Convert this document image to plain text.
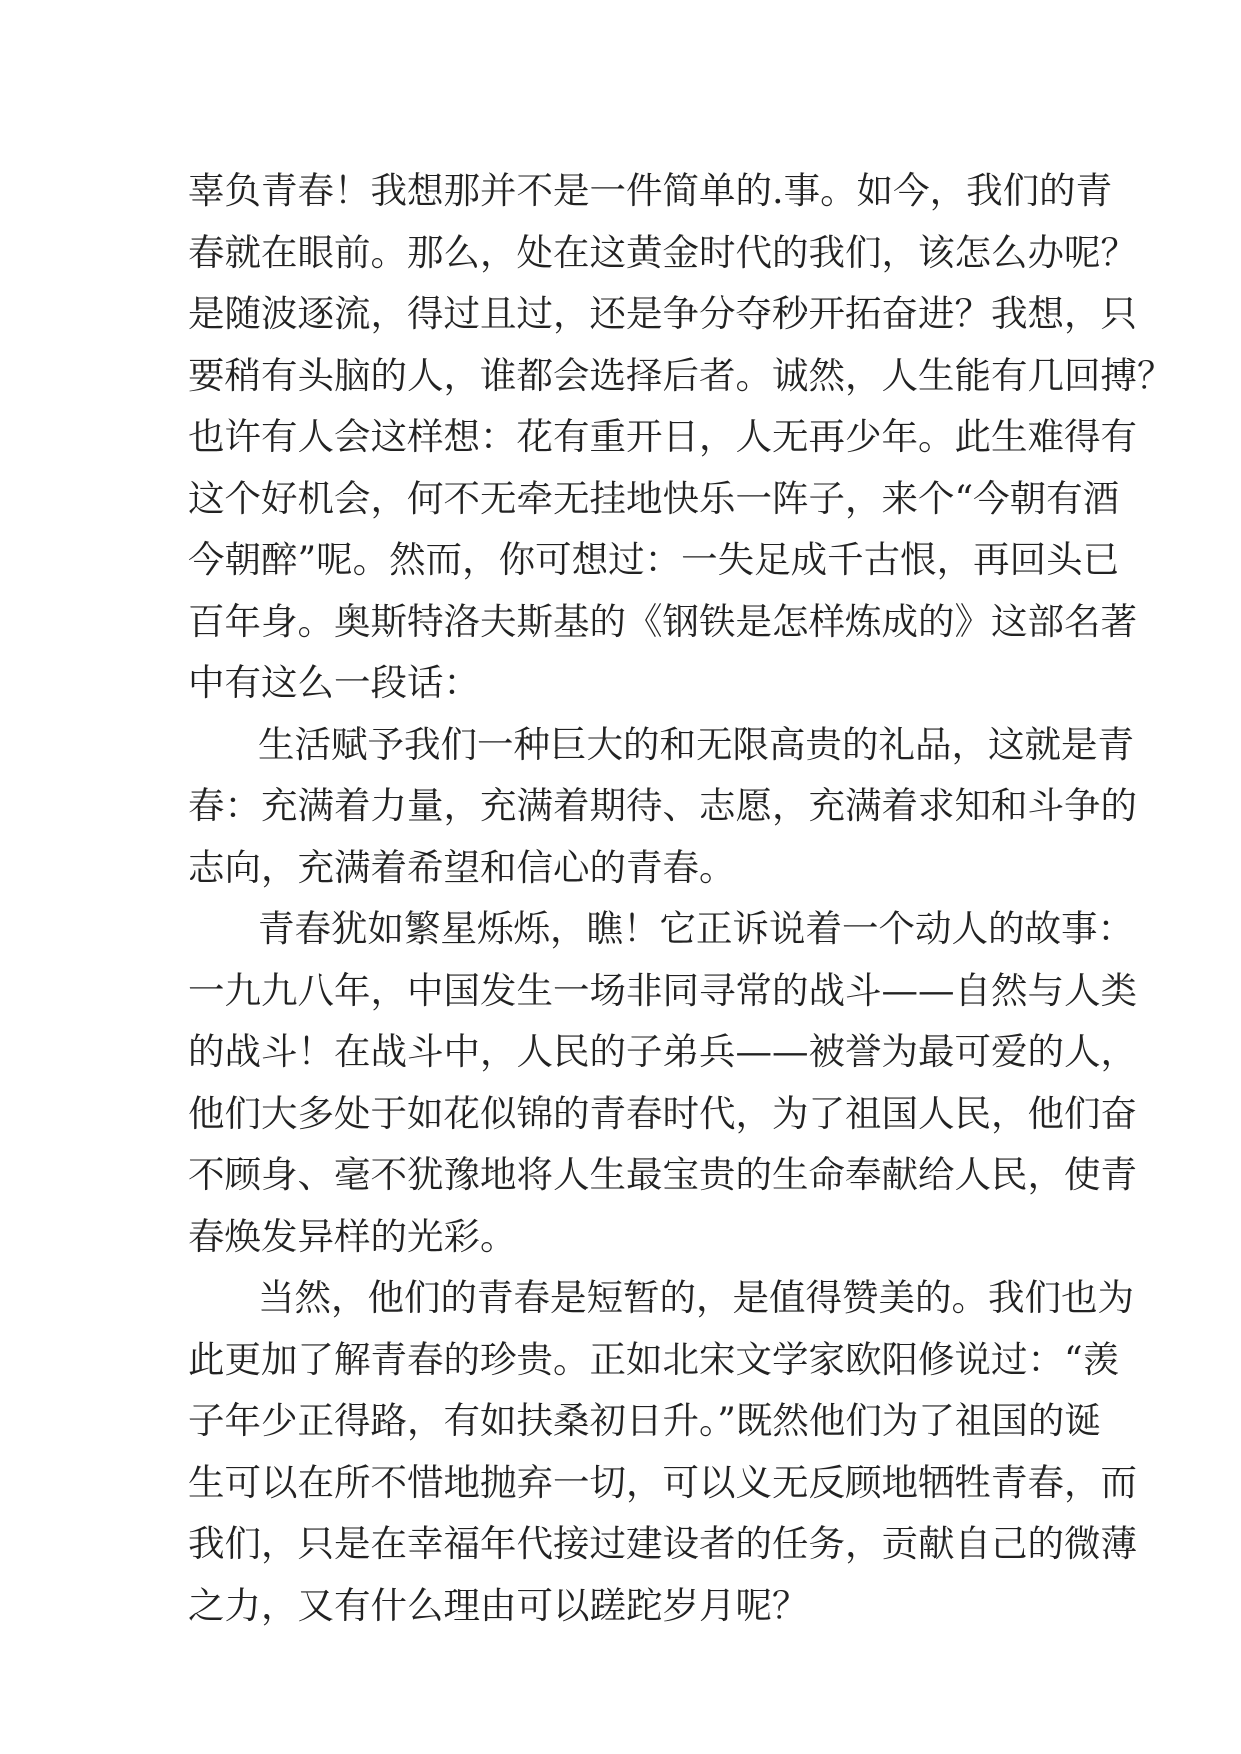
辜负青春！我想那并不是一件简单的.事。如今，我们的青
春就在眼前。那么，处在这黄金时代的我们，该怎么办呢？
是随波逐流，得过且过，还是争分夺秒开拓奋进？我想，只
要稍有头脑的人，谁都会选择后者。诚然，人生能有几回搏？
也许有人会这样想：花有重开日，人无再少年。此生难得有
这个好机会，何不无牵无挂地快乐一阵子，来个“今朝有酒
今朝醉”呢。然而，你可想过：一失足成千古恨，再回头已
百年身。奥斯特洛夫斯基的《钢铁是怎样炼成的》这部名著
中有这么一段话：
生活赋予我们一种巨大的和无限高贵的礼品，这就是青
春：充满着力量，充满着期待、志愿，充满着求知和斗争的
志向，充满着希望和信心的青春。
青春犹如繁星烁烁，瞧！它正诉说着一个动人的故事：
一九九八年，中国发生一场非同寻常的战斗——自然与人类
的战斗！在战斗中，人民的子弟兵——被誉为最可爱的人，
他们大多处于如花似锦的青春时代，为了祖国人民，他们奋
不顾身、毫不犹豫地将人生最宝贵的生命奉献给人民，使青
春焕发异样的光彩。
当然，他们的青春是短暂的，是值得赞美的。我们也为
此更加了解青春的珍贵。正如北宋文学家欧阳修说过：“羡
子年少正得路，有如扶桑初日升。”既然他们为了祖国的诞
生可以在所不惜地抛弃一切，可以义无反顾地牺牲青春，而
我们，只是在幸福年代接过建设者的任务，贡献自己的微薄
之力，又有什么理由可以蹉跎岁月呢？
